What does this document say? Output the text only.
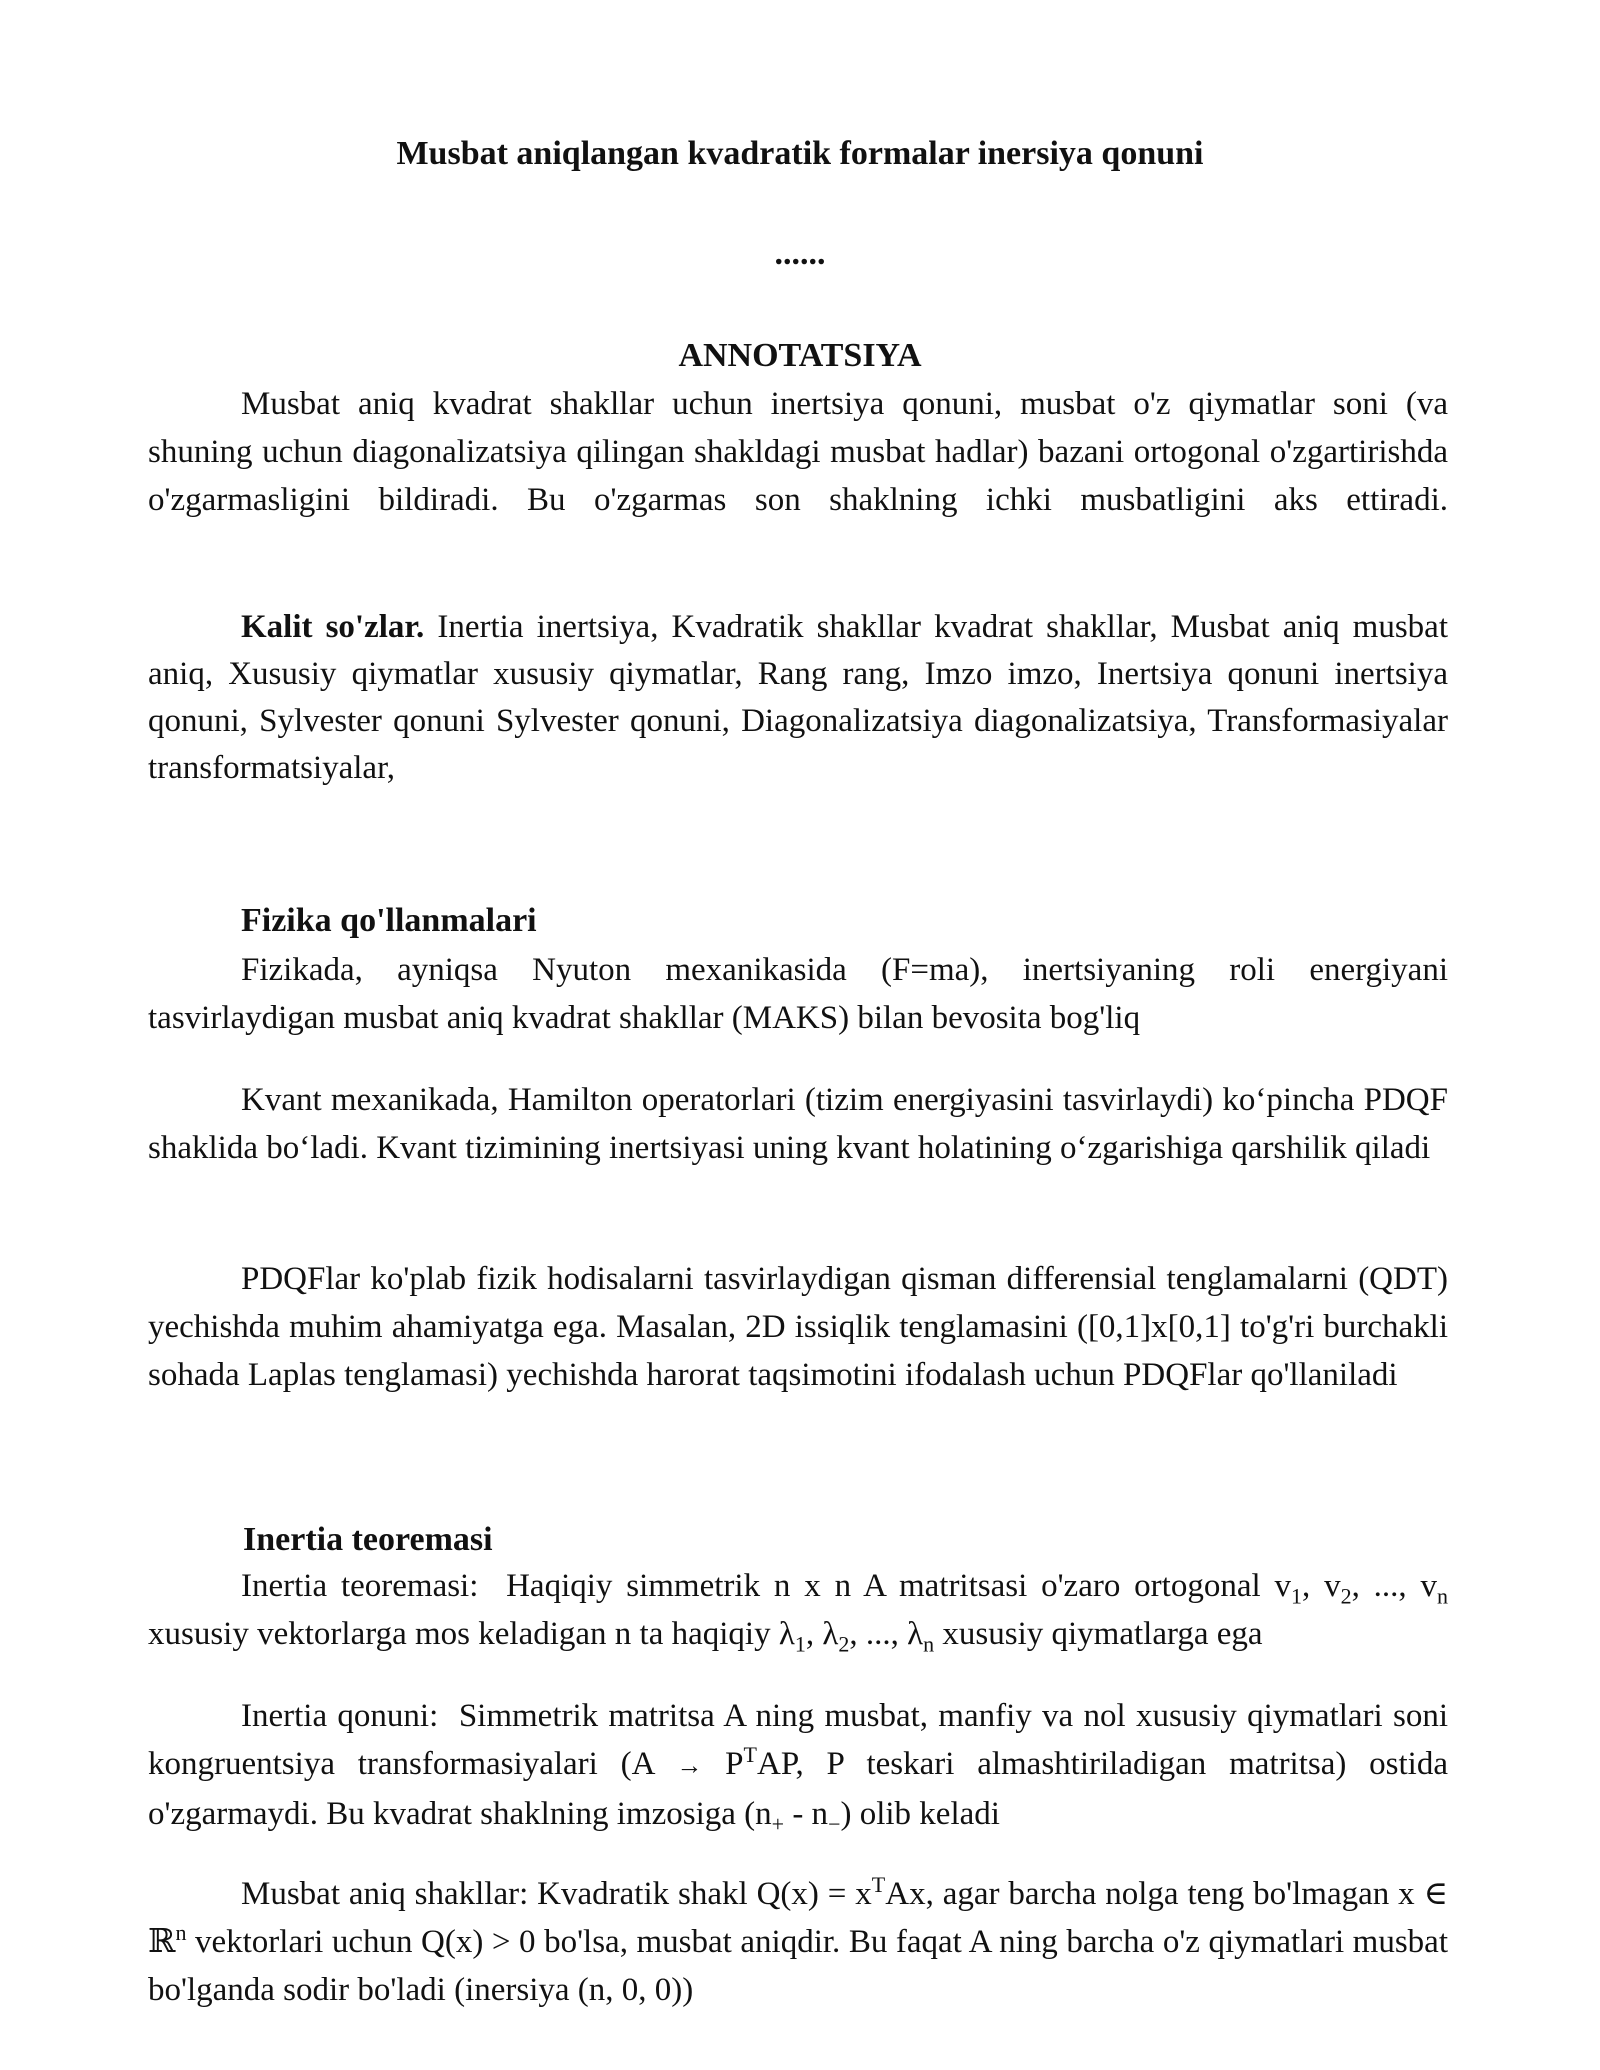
Musbat aniqlangan kvadratik formalar inersiya qonuni
......
ANNOTATSIYA

Musbat aniq kvadrat shakllar uchun inertsiya qonuni, musbat o'z qiymatlar soni (va shuning uchun diagonalizatsiya qilingan shakldagi musbat hadlar) bazani ortogonal o'zgartirishda o'zgarmasligini bildiradi. Bu o'zgarmas son shaklning ichki musbatligini aks ettiradi.

Kalit so'zlar. Inertia inertsiya, Kvadratik shakllar kvadrat shakllar, Musbat aniq musbat aniq, Xususiy qiymatlar xususiy qiymatlar, Rang rang, Imzo imzo, Inertsiya qonuni inertsiya qonuni, Sylvester qonuni Sylvester qonuni, Diagonalizatsiya diagonalizatsiya, Transformasiyalar transformatsiyalar,

Fizika qo'llanmalari

Fizikada, ayniqsa Nyuton mexanikasida (F=ma), inertsiyaning roli energiyani tasvirlaydigan musbat aniq kvadrat shakllar (MAKS) bilan bevosita bog'liq

Kvant mexanikada, Hamilton operatorlari (tizim energiyasini tasvirlaydi) ko‘pincha PDQF shaklida bo‘ladi. Kvant tizimining inertsiyasi uning kvant holatining o‘zgarishiga qarshilik qiladi

PDQFlar ko'plab fizik hodisalarni tasvirlaydigan qisman differensial tenglamalarni (QDT) yechishda muhim ahamiyatga ega. Masalan, 2D issiqlik tenglamasini ([0,1]x[0,1] to'g'ri burchakli sohada Laplas tenglamasi) yechishda harorat taqsimotini ifodalash uchun PDQFlar qo'llaniladi

Inertia teoremasi

Inertia teoremasi: Haqiqiy simmetrik n x n A matritsasi o'zaro ortogonal $v_1$, $v_2$, ..., $v_n$ xususiy vektorlarga mos keladigan n ta haqiqiy $\lambda_1$, $\lambda_2$, ..., $\lambda_n$ xususiy qiymatlarga ega

Inertia qonuni: Simmetrik matritsa A ning musbat, manfiy va nol xususiy qiymatlari soni kongruentsiya transformasiyalari ($A \to P^TAP$, P teskari almashtiriladigan matritsa) ostida o'zgarmaydi. Bu kvadrat shaklning imzosiga $(n_+ - n_-)$ olib keladi

Musbat aniq shakllar: Kvadratik shakl $Q(x) = x^TAx$, agar barcha nolga teng bo'lmagan x ∈ ℝ$^n$ vektorlari uchun Q(x) > 0 bo'lsa, musbat aniqdir. Bu faqat A ning barcha o'z qiymatlari musbat bo'lganda sodir bo'ladi (inersiya (n, 0, 0))
